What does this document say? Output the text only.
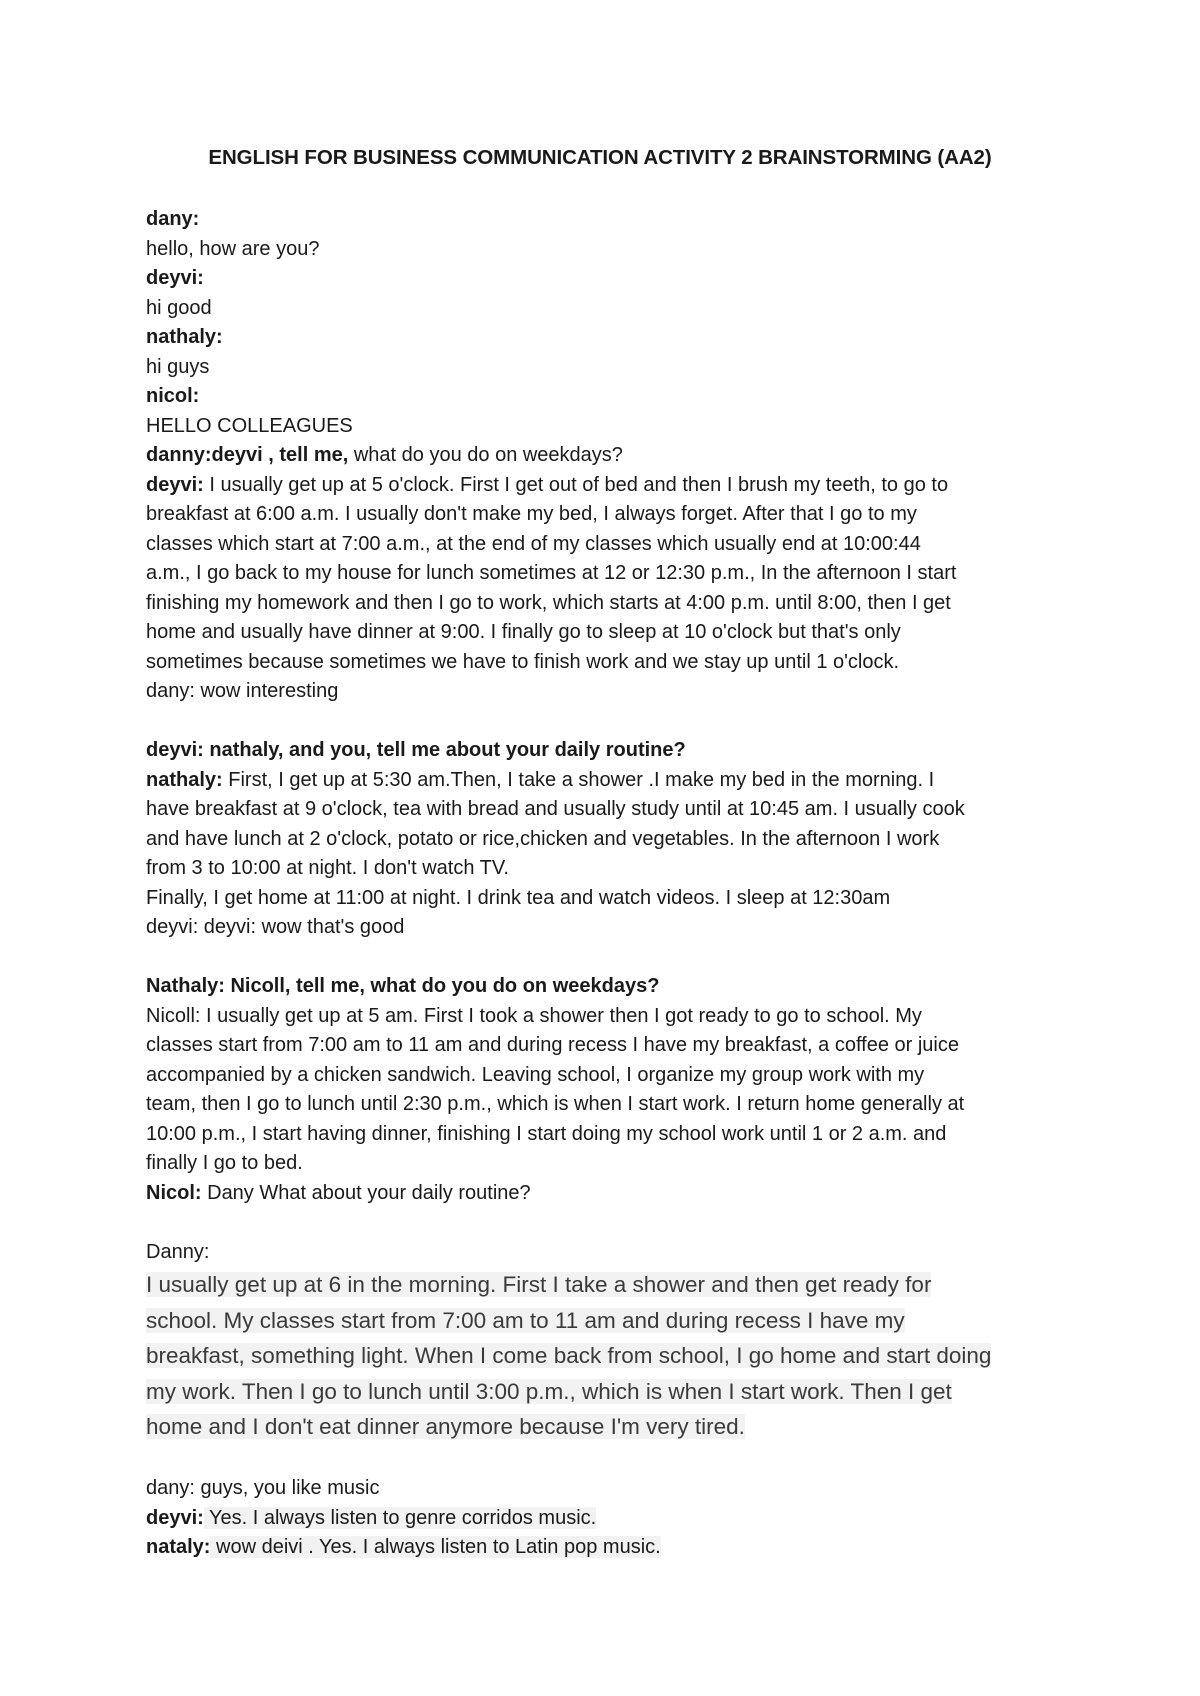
ENGLISH FOR BUSINESS COMMUNICATION ACTIVITY 2 BRAINSTORMING (AA2)
dany:
hello, how are you?
deyvi:
hi good
nathaly:
hi guys
nicol:
HELLO COLLEAGUES
danny:deyvi , tell me, what do you do on weekdays?
deyvi: I usually get up at 5 o'clock. First I get out of bed and then I brush my teeth, to go to
breakfast at 6:00 a.m. I usually don't make my bed, I always forget. After that I go to my
classes which start at 7:00 a.m., at the end of my classes which usually end at 10:00:44
a.m., I go back to my house for lunch sometimes at 12 or 12:30 p.m., In the afternoon I start
finishing my homework and then I go to work, which starts at 4:00 p.m. until 8:00, then I get
home and usually have dinner at 9:00. I finally go to sleep at 10 o'clock but that's only
sometimes because sometimes we have to finish work and we stay up until 1 o'clock.
dany: wow interesting
deyvi: nathaly, and you, tell me about your daily routine?
nathaly: First, I get up at 5:30 am.Then, I take a shower .I make my bed in the morning. I
have breakfast at 9 o'clock, tea with bread and usually study until at 10:45 am. I usually cook
and have lunch at 2 o'clock, potato or rice,chicken and vegetables. In the afternoon I work
from 3 to 10:00 at night. I don't watch TV.
Finally, I get home at 11:00 at night. I drink tea and watch videos. I sleep at 12:30am
deyvi: deyvi: wow that's good
Nathaly: Nicoll, tell me, what do you do on weekdays?
Nicoll: I usually get up at 5 am. First I took a shower then I got ready to go to school. My
classes start from 7:00 am to 11 am and during recess I have my breakfast, a coffee or juice
accompanied by a chicken sandwich. Leaving school, I organize my group work with my
team, then I go to lunch until 2:30 p.m., which is when I start work. I return home generally at
10:00 p.m., I start having dinner, finishing I start doing my school work until 1 or 2 a.m. and
finally I go to bed.
Nicol: Dany What about your daily routine?
Danny:
I usually get up at 6 in the morning. First I take a shower and then get ready for
school. My classes start from 7:00 am to 11 am and during recess I have my
breakfast, something light. When I come back from school, I go home and start doing
my work. Then I go to lunch until 3:00 p.m., which is when I start work. Then I get
home and I don't eat dinner anymore because I'm very tired.
dany: guys, you like music
deyvi: Yes. I always listen to genre corridos music.
nataly: wow deivi . Yes. I always listen to Latin pop music.
